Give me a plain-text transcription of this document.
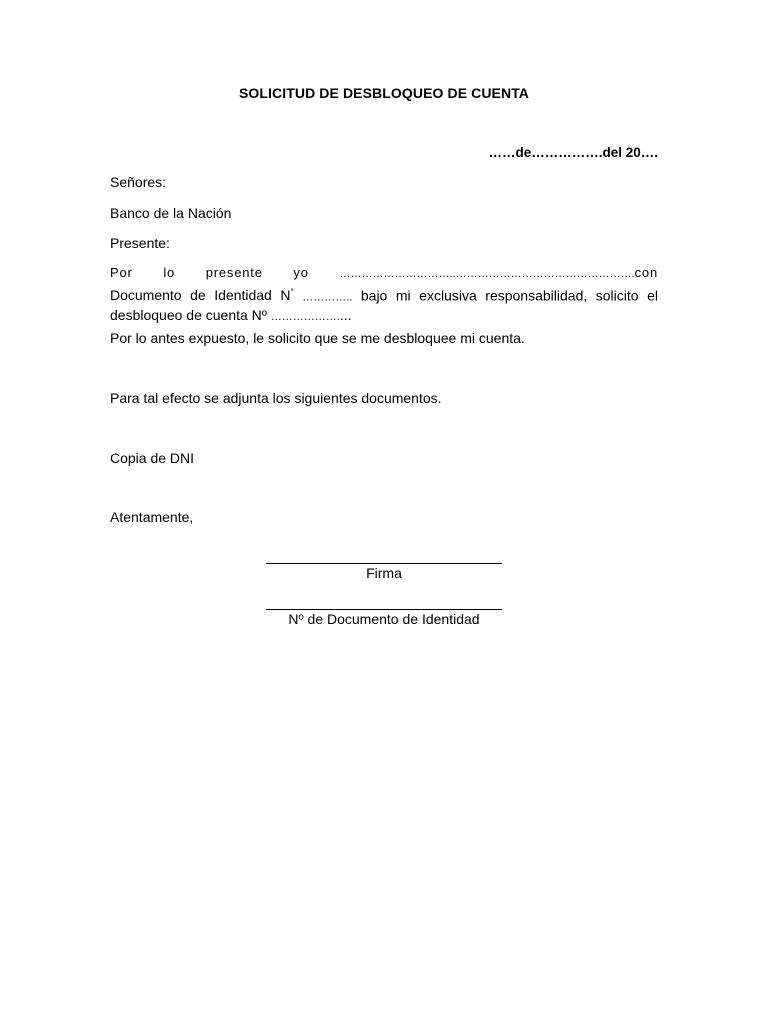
SOLICITUD DE DESBLOQUEO DE CUENTA
……de…………….del 20….
Señores:
Banco de la Nación
Presente:
Por lo presente yo	…………………………..………………………………………….con
Documento de Identidad N° ………….. bajo mi exclusiva responsabilidad, solicito el
desbloqueo de cuenta Nº ………………....
Por lo antes expuesto, le solicito que se me desbloquee mi cuenta.
Para tal efecto se adjunta los siguientes documentos.
Copia de DNI
Atentamente,
Firma
Nº de Documento de Identidad
